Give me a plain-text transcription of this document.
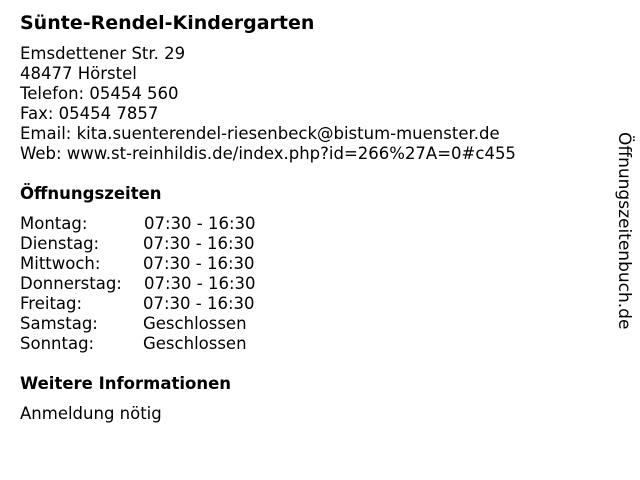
Sünte-Rendel-Kindergarten
Emsdettener Str. 29
48477 Hörstel
Telefon: 05454 560
Fax: 05454 7857
Email: kita.suenterendel-riesenbeck@bistum-muenster.de
Web: www.st-reinhildis.de/index.php?id=266%27A=0#c455
Öffnungszeiten
Montag:	07:30 - 16:30
Dienstag:	07:30 - 16:30
Mittwoch:	07:30 - 16:30
Donnerstag: 07:30 - 16:30
Freitag:	07:30 - 16:30
Samstag:	Geschlossen
Sonntag:	Geschlossen
Weitere Informationen
Anmeldung nötig
Öffnungszeitenbuch.de
